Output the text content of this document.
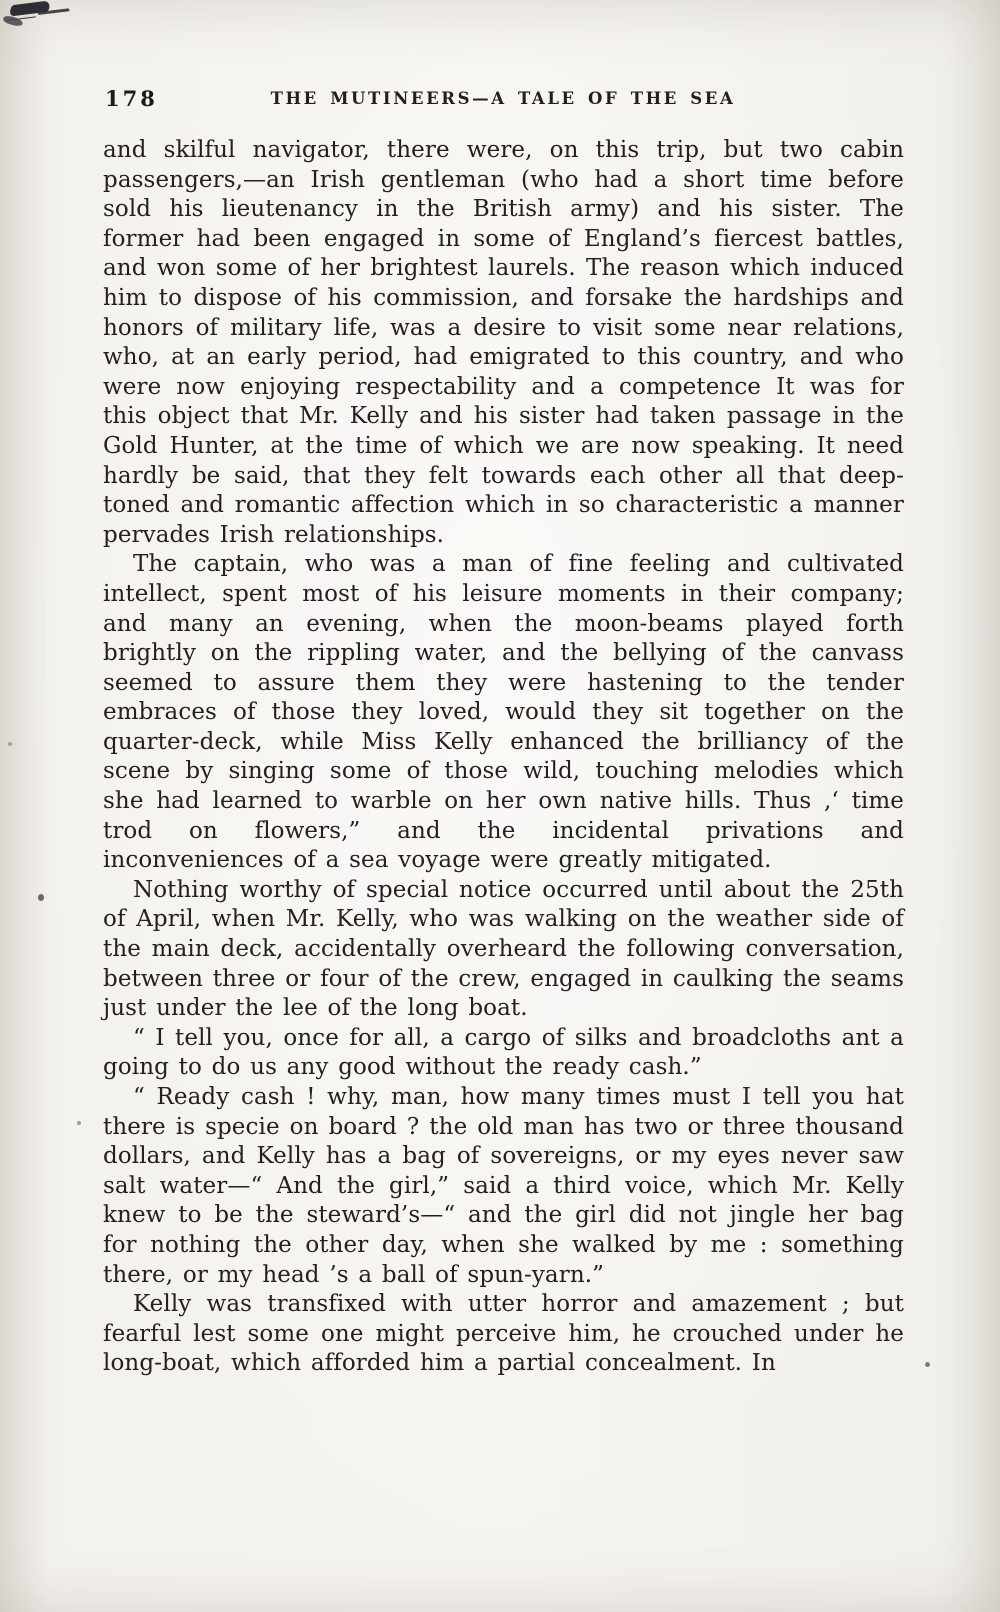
178	THE MUTINEERS—A TALE OF THE SEA

and skilful navigator, there were, on this trip, but two cabin passengers,—an Irish gentleman (who had a short time before sold his lieutenancy in the British army) and his sister. The former had been engaged in some of England’s fiercest battles, and won some of her brightest laurels. The reason which induced him to dispose of his commission, and forsake the hardships and honors of military life, was a desire to visit some near relations, who, at an early period, had emigrated to this country, and who were now enjoying respectability and a competence It was for this object that Mr. Kelly and his sister had taken passage in the Gold Hunter, at the time of which we are now speaking. It need hardly be said, that they felt towards each other all that deep-toned and romantic affection which in so characteristic a manner pervades Irish relationships.

The captain, who was a man of fine feeling and cultivated intellect, spent most of his leisure moments in their company; and many an evening, when the moon-beams played forth brightly on the rippling water, and the bellying of the canvass seemed to assure them they were hastening to the tender embraces of those they loved, would they sit together on the quarter-deck, while Miss Kelly enhanced the brilliancy of the scene by singing some of those wild, touching melodies which she had learned to warble on her own native hills. Thus ,‘ time trod on flowers,” and the incidental privations and inconveniences of a sea voyage were greatly mitigated.

Nothing worthy of special notice occurred until about the 25th of April, when Mr. Kelly, who was walking on the weather side of the main deck, accidentally overheard the following conversation, between three or four of the crew, engaged in caulking the seams just under the lee of the long boat.

“ I tell you, once for all, a cargo of silks and broadcloths ant a going to do us any good without the ready cash.”

“ Ready cash ! why, man, how many times must I tell you hat there is specie on board ? the old man has two or three thousand dollars, and Kelly has a bag of sovereigns, or my eyes never saw salt water—“ And the girl,” said a third voice, which Mr. Kelly knew to be the steward’s—“ and the girl did not jingle her bag for nothing the other day, when she walked by me : something there, or my head ’s a ball of spun-yarn.”

Kelly was transfixed with utter horror and amazement ; but fearful lest some one might perceive him, he crouched under he long-boat, which afforded him a partial concealment. In
